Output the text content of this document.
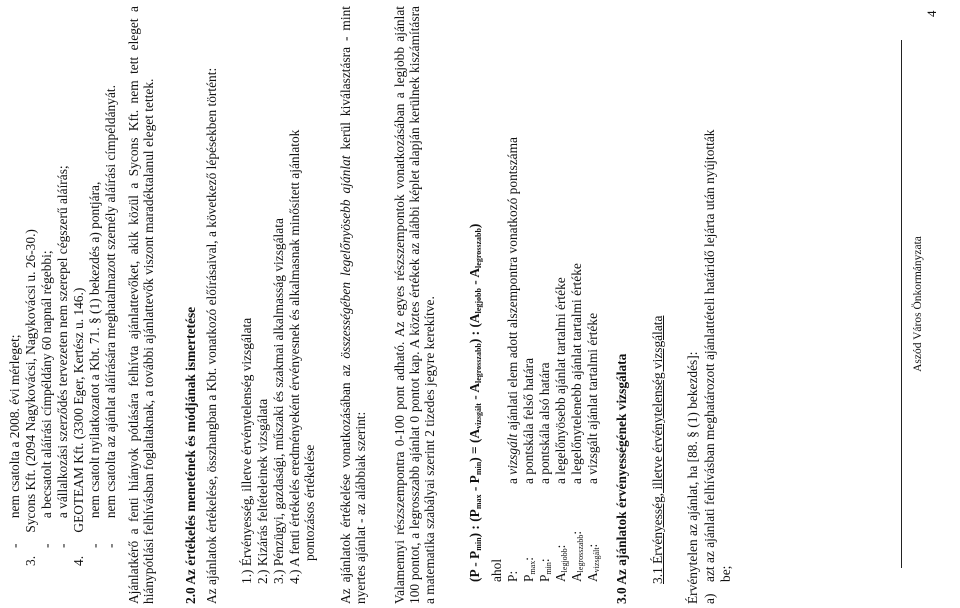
- nem csatolta a 2008. évi mérleget;
3. Sycons Kft. (2094 Nagykovácsi, Nagykovácsi u. 26-30.)
- a becsatolt aláírási címpéldány 60 napnál régebbi;
- a vállalkozási szerződés tervezeten nem szerepel cégszerű aláírás;
4. GEOTEAM Kft. (3300 Eger, Kertész u. 146.)
- nem csatolt nyilatkozatot a Kbt. 71. § (1) bekezdés a) pontjára,
- nem csatolta az ajánlat aláírására meghatalmazott személy aláírási címpéldányát. Ajánlatkérő a fenti hiányok pótlására felhívta ajánlattevőket, akik közül a Sycons Kft. nem tett eleget a hiánypótlási felhívásban foglaltaknak, a további ajánlattevők viszont maradéktalanul eleget tettek. 2.0 Az értékelés menetének és módjának ismertetése Az ajánlatok értékelése, összhangban a Kbt. vonatkozó előírásaival, a következő lépésekben történt: 1.) Érvényesség, illetve érvénytelenség vizsgálata 2.) Kizárás feltételeinek vizsgálata 3.) Pénzügyi, gazdasági, műszaki és szakmai alkalmasság vizsgálata 4.) A fenti értékelés eredményeként érvényesnek és alkalmasnak minősített ajánlatok pontozásos értékelése Az ajánlatok értékelése vonatkozásában az összességében legelőnyösebb ajánlat kerül kiválasztásra - mint nyertes ajánlat - az alábbiak szerint: Valamennyi részszempontra 0-100 pont adható. Az egyes részszempontok vonatkozásában a legjobb ajánlat 100 pontot, a legrosszabb ajánlat 0 pontot kap. A köztes értékek az alábbi képlet alapján kerülnek kiszámításra a matematika szabályai szerint 2 tizedes jegyre kerekítve. $(P - P_{min})$ : $(P_{max} - P_{min}) = (A_{vizsgált} - A_{legrosszabb})$ : $(A_{legjobb} - A_{legrosszabb})$
ahol P:
a vizsgált ajánlati elem adott alszempontra vonatkozó pontszáma
$P_{max}$:
a pontskála felső határa
$P_{min}$:
a pontskála alsó határa
$A_{legjobb}$:
a legelőnyösebb ajánlat tartalmi értéke
$A_{legrosszabb}$:
a legelőnytelenebb ajánlat tartalmi értéke
$A_{vizsgált}$:
a vizsgált ajánlat tartalmi értéke 3.0 Az ajánlatok érvényességének vizsgálata 3.1 Érvényesség, illetve érvénytelenség vizsgálata Érvénytelen az ajánlat, ha [88. § (1) bekezdés]: a)
azt az ajánlati felhívásban meghatározott ajánlattételi határidő lejárta után nyújtották be;
Aszód Város Önkormányzata
4
